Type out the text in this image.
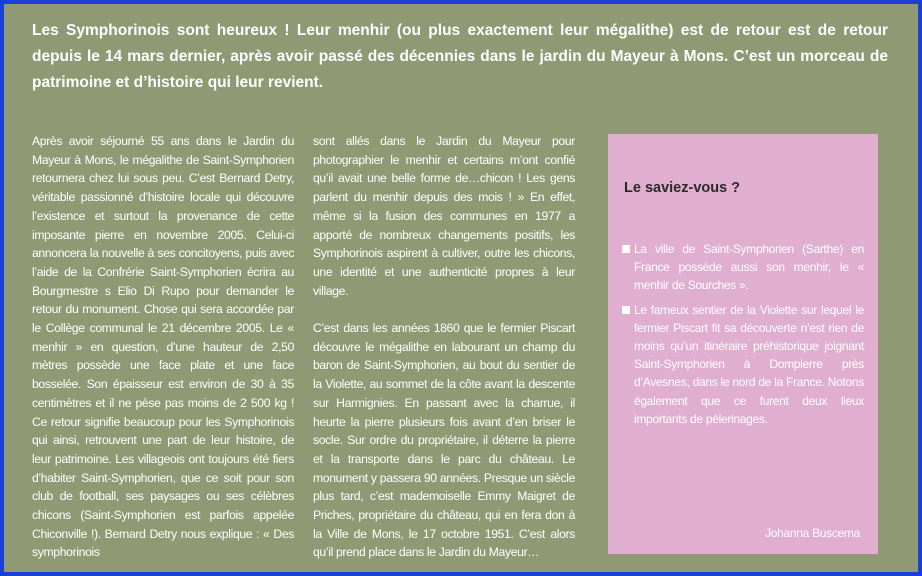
Les Symphorinois sont heureux ! Leur menhir (ou plus exactement leur mégalithe) est de retour est de retour depuis le 14 mars dernier, après avoir passé des décennies dans le jardin du Mayeur à Mons. C’est un morceau de patrimoine et d’histoire qui leur revient.

Après avoir séjourné 55 ans dans le Jardin du Mayeur à Mons, le mégalithe de Saint-Symphorien retournera chez lui sous peu. C’est Bernard Detry, véritable passionné d’histoire locale qui découvre l’existence et surtout la provenance de cette imposante pierre en novembre 2005. Celui-ci annoncera la nouvelle à ses concitoyens, puis avec l’aide de la Confrérie Saint-Symphorien écrira au Bourgmestre s Elio Di Rupo pour demander le retour du monument. Chose qui sera accordée par le Collège communal le 21 décembre 2005. Le « menhir » en question, d’une hauteur de 2,50 mètres possède une face plate et une face bosselée. Son épaisseur est environ de 30 à 35 centimètres et il ne pèse pas moins de 2 500 kg ! Ce retour signifie beaucoup pour les Symphorinois qui ainsi, retrouvent une part de leur histoire, de leur patrimoine. Les villageois ont toujours été fiers d’habiter Saint-Symphorien, que ce soit pour son club de football, ses paysages ou ses célèbres chicons (Saint-Symphorien est parfois appelée Chiconville !). Bernard Detry nous explique : « Des symphorinois

sont allés dans le Jardin du Mayeur pour photographier le menhir et certains m’ont confié qu’il avait une belle forme de…chicon ! Les gens parlent du menhir depuis des mois ! » En effet, même si la fusion des communes en 1977 a apporté de nombreux changements positifs, les Symphorinois aspirent à cultiver, outre les chicons, une identité et une authenticité propres à leur village.

C’est dans les années 1860 que le fermier Piscart découvre le mégalithe en labourant un champ du baron de Saint-Symphorien, au bout du sentier de la Violette, au sommet de la côte avant la descente sur Harmignies. En passant avec la charrue, il heurte la pierre plusieurs fois avant d’en briser le socle. Sur ordre du propriétaire, il déterre la pierre et la transporte dans le parc du château. Le monument y passera 90 années. Presque un siècle plus tard, c’est mademoiselle Emmy Maigret de Priches, propriétaire du château, qui en fera don à la Ville de Mons, le 17 octobre 1951. C’est alors qu’il prend place dans le Jardin du Mayeur…

Le saviez-vous ?
La ville de Saint-Symphorien (Sarthe) en France possède aussi son menhir, le « menhir de Sourches ».
Le fameux sentier de la Violette sur lequel le fermier Piscart fit sa découverte n’est rien de moins qu’un itinéraire préhistorique joignant Saint-Symphorien à Dompierre près d’Avesnes, dans le nord de la France. Notons également que ce furent deux lieux importants de pèlerinages.
Johanna Buscema
